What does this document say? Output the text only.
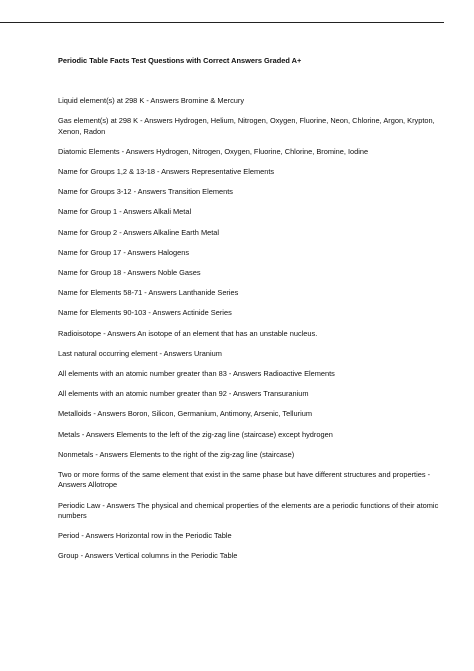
Periodic Table Facts Test Questions with Correct Answers Graded A+
Liquid element(s) at 298 K - Answers Bromine & Mercury
Gas element(s) at 298 K - Answers Hydrogen, Helium, Nitrogen, Oxygen, Fluorine, Neon, Chlorine, Argon, Krypton, Xenon, Radon
Diatomic Elements - Answers Hydrogen, Nitrogen, Oxygen, Fluorine, Chlorine, Bromine, Iodine
Name for Groups 1,2 & 13-18 - Answers Representative Elements
Name for Groups 3-12 - Answers Transition Elements
Name for Group 1 - Answers Alkali Metal
Name for Group 2 - Answers Alkaline Earth Metal
Name for Group 17 - Answers Halogens
Name for Group 18 - Answers Noble Gases
Name for Elements 58-71 - Answers Lanthanide Series
Name for Elements 90-103 - Answers Actinide Series
Radioisotope - Answers An isotope of an element that has an unstable nucleus.
Last natural occurring element - Answers Uranium
All elements with an atomic number greater than 83 - Answers Radioactive Elements
All elements with an atomic number greater than 92 - Answers Transuranium
Metalloids - Answers Boron, Silicon, Germanium, Antimony, Arsenic, Tellurium
Metals - Answers Elements to the left of the zig-zag line (staircase) except hydrogen
Nonmetals - Answers Elements to the right of the zig-zag line (staircase)
Two or more forms of the same element that exist in the same phase but have different structures and properties - Answers Allotrope
Periodic Law - Answers The physical and chemical properties of the elements are a periodic functions of their atomic numbers
Period - Answers Horizontal row in the Periodic Table
Group - Answers Vertical columns in the Periodic Table
